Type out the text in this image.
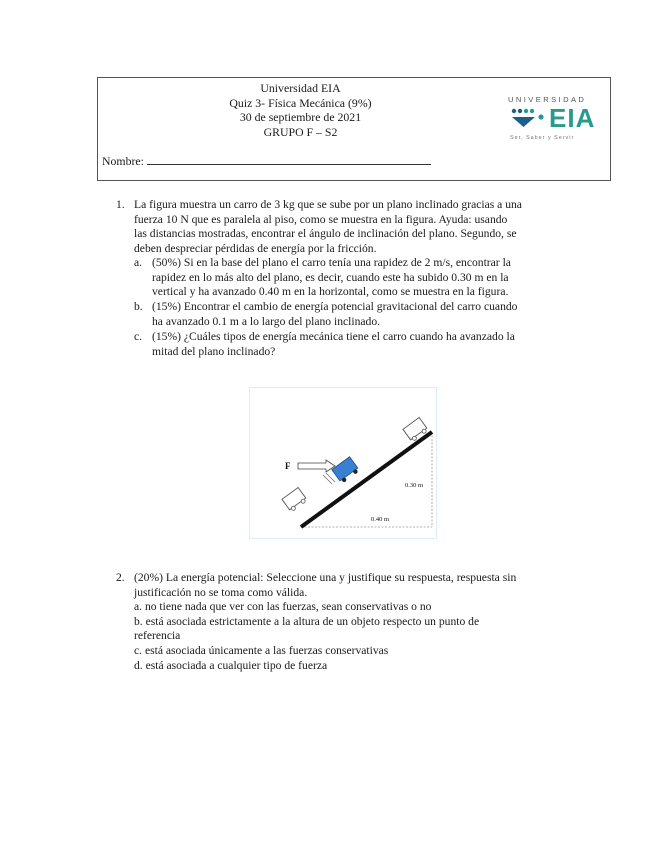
Universidad EIA
Quiz 3- Física Mecánica (9%)
30 de septiembre de 2021
GRUPO F – S2
Nombre:
UNIVERSIDAD
EIA
Ser, Saber y Servir
1. La figura muestra un carro de 3 kg que se sube por un plano inclinado gracias a una
fuerza 10 N que es paralela al piso, como se muestra en la figura. Ayuda: usando
las distancias mostradas, encontrar el ángulo de inclinación del plano. Segundo, se
deben despreciar pérdidas de energía por la fricción.
a. (50%) Si en la base del plano el carro tenía una rapidez de 2 m/s, encontrar la
rapidez en lo más alto del plano, es decir, cuando este ha subido 0.30 m en la
vertical y ha avanzado 0.40 m en la horizontal, como se muestra en la figura.
b. (15%) Encontrar el cambio de energía potencial gravitacional del carro cuando
ha avanzado 0.1 m a lo largo del plano inclinado.
c. (15%) ¿Cuáles tipos de energía mecánica tiene el carro cuando ha avanzado la
mitad del plano inclinado?
F
0.30 m
0.40 m
2. (20%) La energía potencial: Seleccione una y justifique su respuesta, respuesta sin
justificación no se toma como válida.
a. no tiene nada que ver con las fuerzas, sean conservativas o no
b. está asociada estrictamente a la altura de un objeto respecto un punto de
referencia
c. está asociada únicamente a las fuerzas conservativas
d. está asociada a cualquier tipo de fuerza
